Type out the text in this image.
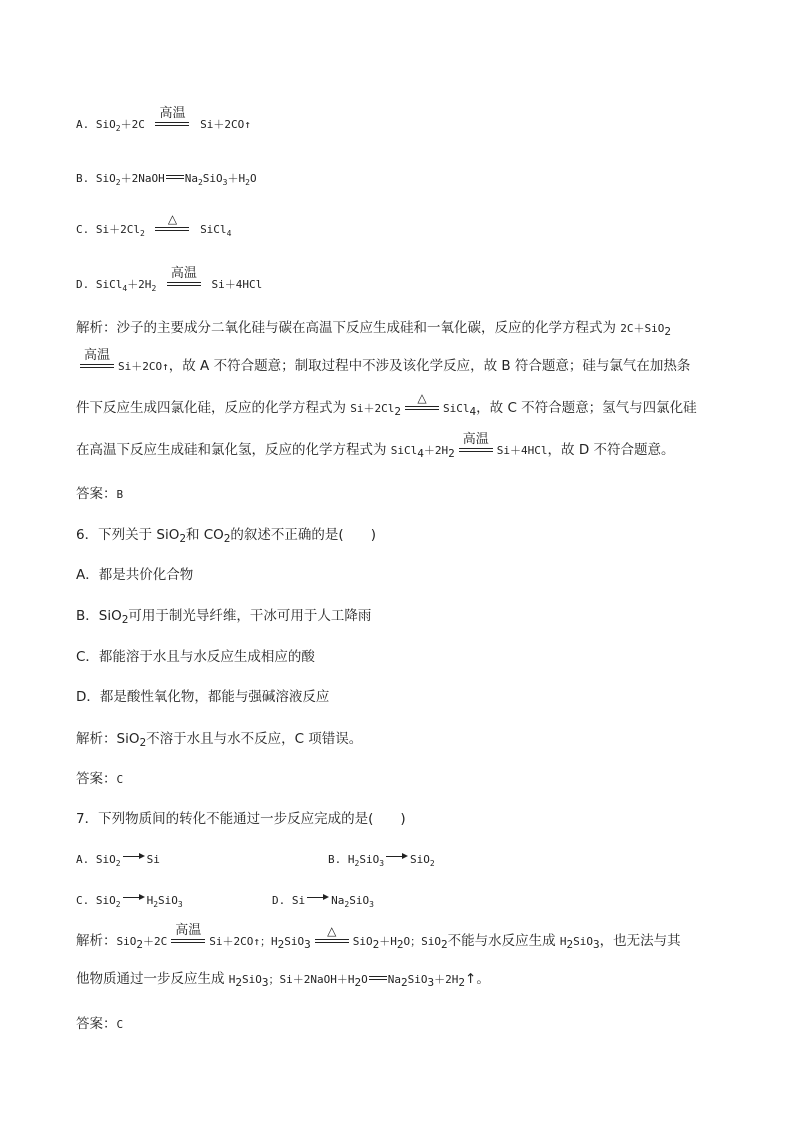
A. SiO$_2$＋2C
高温
Si＋2CO↑
B. SiO$_2$＋2NaOH $Na_2SiO_3+H_2O$
C. $Si+2Cl_2$
△
SiCl$_4$
D. $SiCl_4+2H_2$
高温
Si＋4HCl
解析：沙子的主要成分二氧化硅与碳在高温下反应生成硅和一氧化碳，反应的化学方程式为 2C＋SiO$_2$
高温
Si＋2CO↑，故 A 不符合题意；制取过程中不涉及该化学反应，故 B 符合题意；硅与氯气在加热条
件下反应生成四氯化硅，反应的化学方程式为 $Si+2Cl_2$
△
SiCl$_4$，故 C 不符合题意；氢气与四氯化硅
在高温下反应生成硅和氯化氢，反应的化学方程式为 $SiCl_4+2H_2$
高温
Si＋4HCl，故 D 不符合题意。
答案：B
6．下列关于 SiO$_2$和 $CO_2$的叙述不正确的是(　　)
A．都是共价化合物
B．SiO$_2$可用于制光导纤维，干冰可用于人工降雨
C．都能溶于水且与水反应生成相应的酸
D．都是酸性氧化物，都能与强碱溶液反应
解析：SiO$_2$不溶于水且与水不反应，C 项错误。
答案：C
7．下列物质间的转化不能通过一步反应完成的是(　　)
A. SiO$_2$ Si	B. $H_2SiO_3$ SiO$_2$
C. SiO$_2$ $H_2SiO_3$	D. Si $Na_2SiO_3$
解析：SiO$_2$＋2C
高温
Si＋2CO↑；$H_2SiO_3$
△
$SiO_2+H_2O$；SiO$_2$不能与水反应生成 $H_2SiO_3$，也无法与其
他物质通过一步反应生成 $H_2SiO_3$；$Si+2NaOH+H_2O$ $Na_2SiO_3+2H_2↑$。
答案：C
